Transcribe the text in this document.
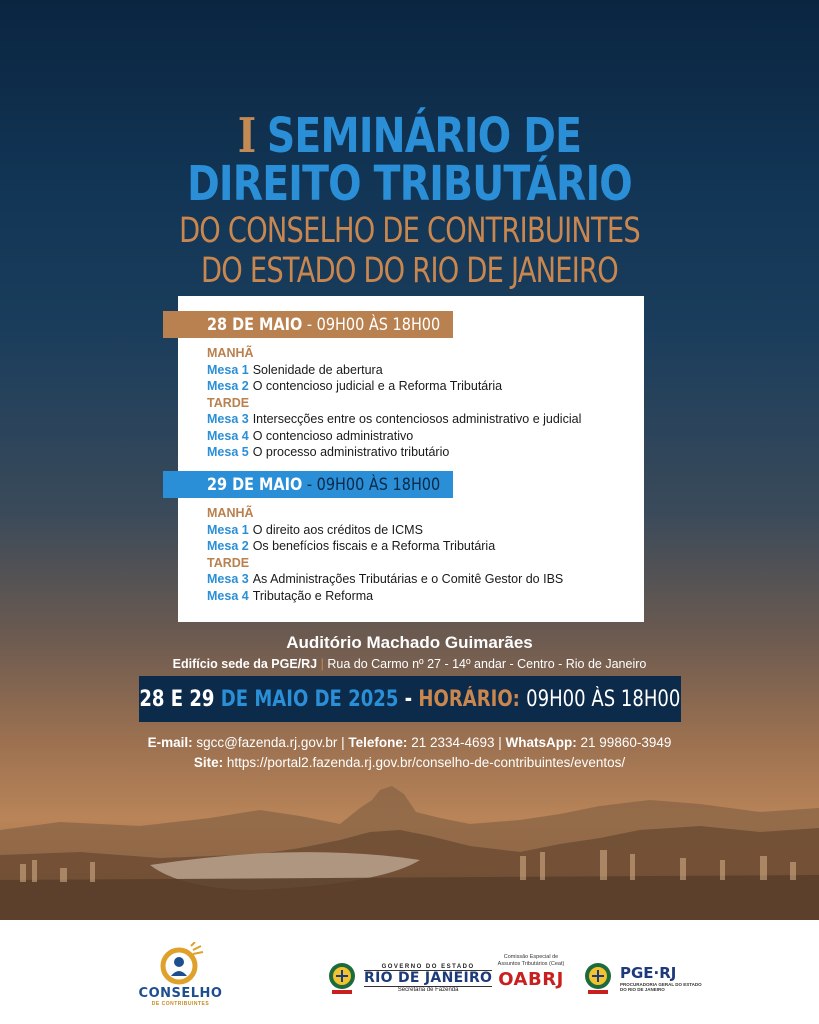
I SEMINÁRIO DE
DIREITO TRIBUTÁRIO
DO CONSELHO DE CONTRIBUINTES
DO ESTADO DO RIO DE JANEIRO
28 DE MAIO - 09H00 ÀS 18H00
MANHÃ
Mesa 1 Solenidade de abertura
Mesa 2 O contencioso judicial e a Reforma Tributária
TARDE
Mesa 3 Intersecções entre os contenciosos administrativo e judicial
Mesa 4 O contencioso administrativo
Mesa 5 O processo administrativo tributário
29 DE MAIO - 09H00 ÀS 18H00
MANHÃ
Mesa 1 O direito aos créditos de ICMS
Mesa 2 Os benefícios fiscais e a Reforma Tributária
TARDE
Mesa 3 As Administrações Tributárias e o Comitê Gestor do IBS
Mesa 4 Tributação e Reforma
Auditório Machado Guimarães
Edifício sede da PGE/RJ | Rua do Carmo nº 27 - 14º andar - Centro - Rio de Janeiro
28 E 29 DE MAIO DE 2025 - HORÁRIO: 09H00 ÀS 18H00
E-mail: sgcc@fazenda.rj.gov.br | Telefone: 21 2334-4693 | WhatsApp: 21 99860-3949
Site: https://portal2.fazenda.rj.gov.br/conselho-de-contribuintes/eventos/
CONSELHO
DE CONTRIBUINTES
GOVERNO DO ESTADO
RIO DE JANEIRO
Secretaria de Fazenda
Comissão Especial de
Assuntos Tributários (Ceat)
OABRJ	PGE·RJ
PROCURADORIA GERAL DO ESTADO
DO RIO DE JANEIRO
